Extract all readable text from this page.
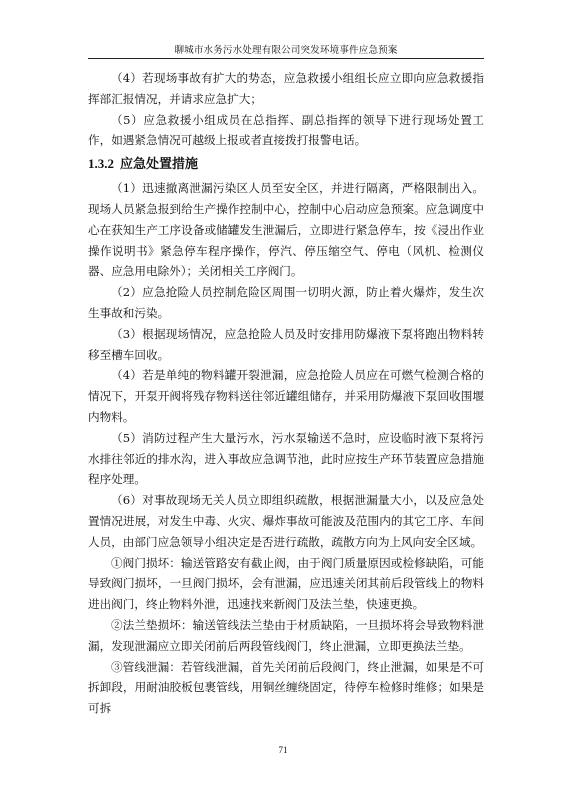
聊城市水务污水处理有限公司突发环境事件应急预案

（4）若现场事故有扩大的势态，应急救援小组组长应立即向应急救援指挥部汇报情况，并请求应急扩大；

（5）应急救援小组成员在总指挥、副总指挥的领导下进行现场处置工作，如遇紧急情况可越级上报或者直接拨打报警电话。

1.3.2 应急处置措施

（1）迅速撤离泄漏污染区人员至安全区，并进行隔离，严格限制出入。现场人员紧急报到给生产操作控制中心，控制中心启动应急预案。应急调度中心在获知生产工序设备或储罐发生泄漏后，立即进行紧急停车，按《浸出作业操作说明书》紧急停车程序操作，停汽、停压缩空气、停电（风机、检测仪器、应急用电除外）；关闭相关工序阀门。

（2）应急抢险人员控制危险区周围一切明火源，防止着火爆炸，发生次生事故和污染。

（3）根据现场情况，应急抢险人员及时安排用防爆液下泵将跑出物料转移至槽车回收。

（4）若是单纯的物料罐开裂泄漏，应急抢险人员应在可燃气检测合格的情况下，开泵开阀将残存物料送往邻近罐组储存，并采用防爆液下泵回收围堰内物料。

（5）消防过程产生大量污水，污水泵输送不急时，应设临时液下泵将污水排往邻近的排水沟，进入事故应急调节池，此时应按生产环节装置应急措施程序处理。

（6）对事故现场无关人员立即组织疏散，根据泄漏量大小，以及应急处置情况进展，对发生中毒、火灾、爆炸事故可能波及范围内的其它工序、车间人员，由部门应急领导小组决定是否进行疏散，疏散方向为上风向安全区域。

①阀门损坏：输送管路安有截止阀，由于阀门质量原因或检修缺陷，可能导致阀门损坏，一旦阀门损坏，会有泄漏，应迅速关闭其前后段管线上的物料进出阀门，终止物料外泄，迅速找来新阀门及法兰垫，快速更换。

②法兰垫损坏：输送管线法兰垫由于材质缺陷，一旦损坏将会导致物料泄漏，发现泄漏应立即关闭前后两段管线阀门，终止泄漏，立即更换法兰垫。

③管线泄漏：若管线泄漏，首先关闭前后段阀门，终止泄漏，如果是不可拆卸段，用耐油胶板包裹管线，用铜丝缠绕固定，待停车检修时维修；如果是可拆

71
